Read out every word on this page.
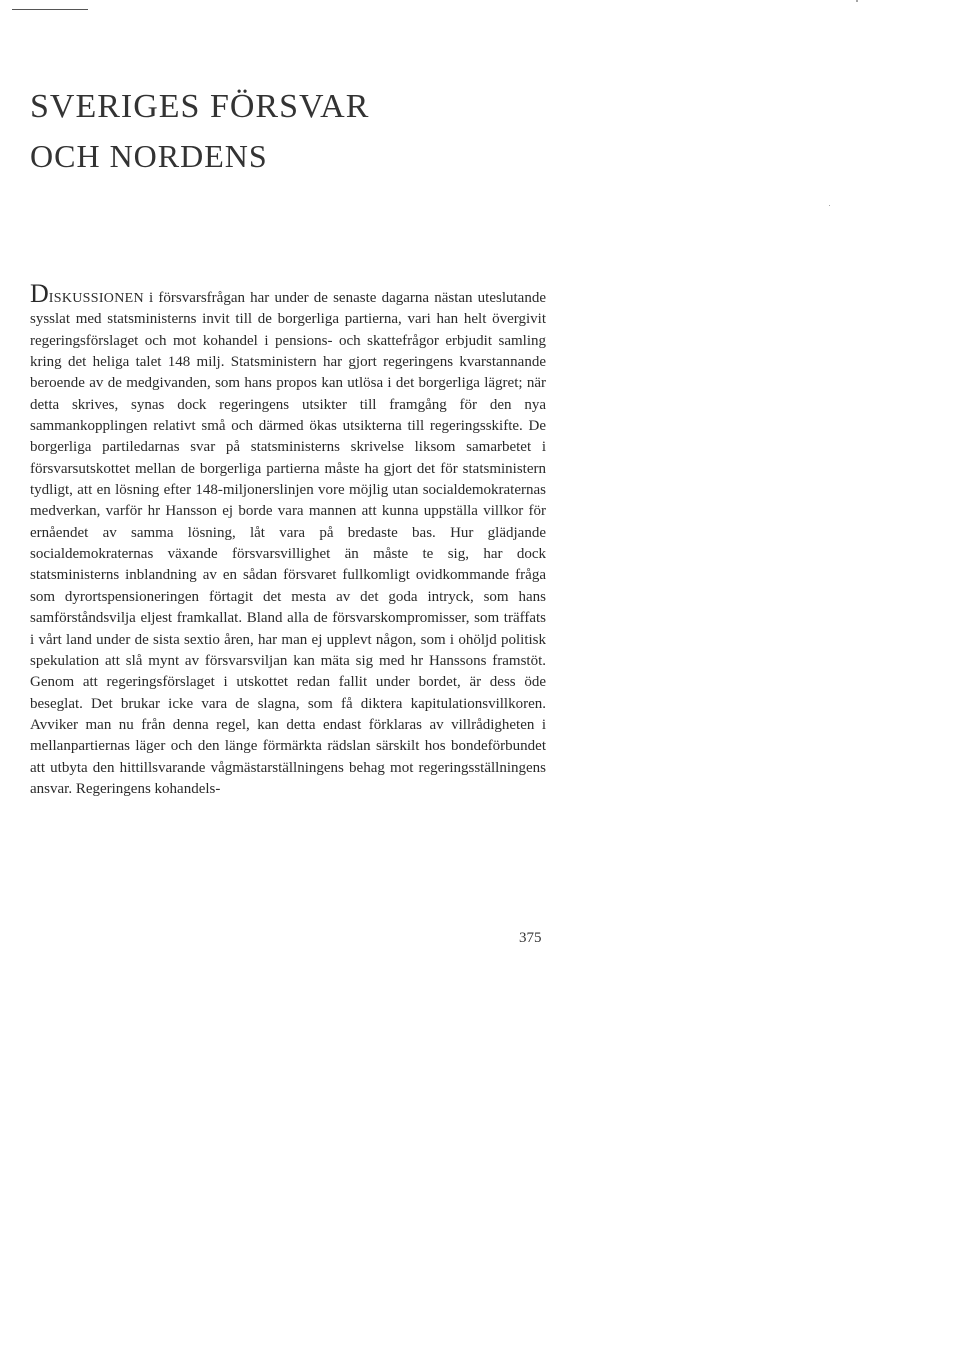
SVERIGES FÖRSVAR
OCH NORDENS

DISKUSSIONEN i försvarsfrågan har under de senaste dagarna nästan uteslutande sysslat med statsministerns invit till de borgerliga partierna, vari han helt övergivit regeringsförslaget och mot kohandel i pensions- och skattefrågor erbjudit samling kring det heliga talet 148 milj. Statsministern har gjort regeringens kvarstannande beroende av de medgivanden, som hans propos kan utlösa i det borgerliga lägret; när detta skrives, synas dock regeringens utsikter till framgång för den nya sammankopplingen relativt små och därmed ökas utsikterna till regeringsskifte. De borgerliga partiledarnas svar på statsministerns skrivelse liksom samarbetet i försvarsutskottet mellan de borgerliga partierna måste ha gjort det för statsministern tydligt, att en lösning efter 148-miljonerslinjen vore möjlig utan socialdemokraternas medverkan, varför hr Hansson ej borde vara mannen att kunna uppställa villkor för ernåendet av samma lösning, låt vara på bredaste bas. Hur glädjande socialdemokraternas växande försvarsvillighet än måste te sig, har dock statsministerns inblandning av en sådan försvaret fullkomligt ovidkommande fråga som dyrortspensioneringen förtagit det mesta av det goda intryck, som hans samförståndsvilja eljest framkallat. Bland alla de försvarskompromisser, som träffats i vårt land under de sista sextio åren, har man ej upplevt någon, som i ohöljd politisk spekulation att slå mynt av försvarsviljan kan mäta sig med hr Hanssons framstöt. Genom att regeringsförslaget i utskottet redan fallit under bordet, är dess öde beseglat. Det brukar icke vara de slagna, som få diktera kapitulationsvillkoren. Avviker man nu från denna regel, kan detta endast förklaras av villrådigheten i mellanpartiernas läger och den länge förmärkta rädslan särskilt hos bondeförbundet att utbyta den hittillsvarande vågmästarställningens behag mot regeringsställningens ansvar. Regeringens kohandels-

375
